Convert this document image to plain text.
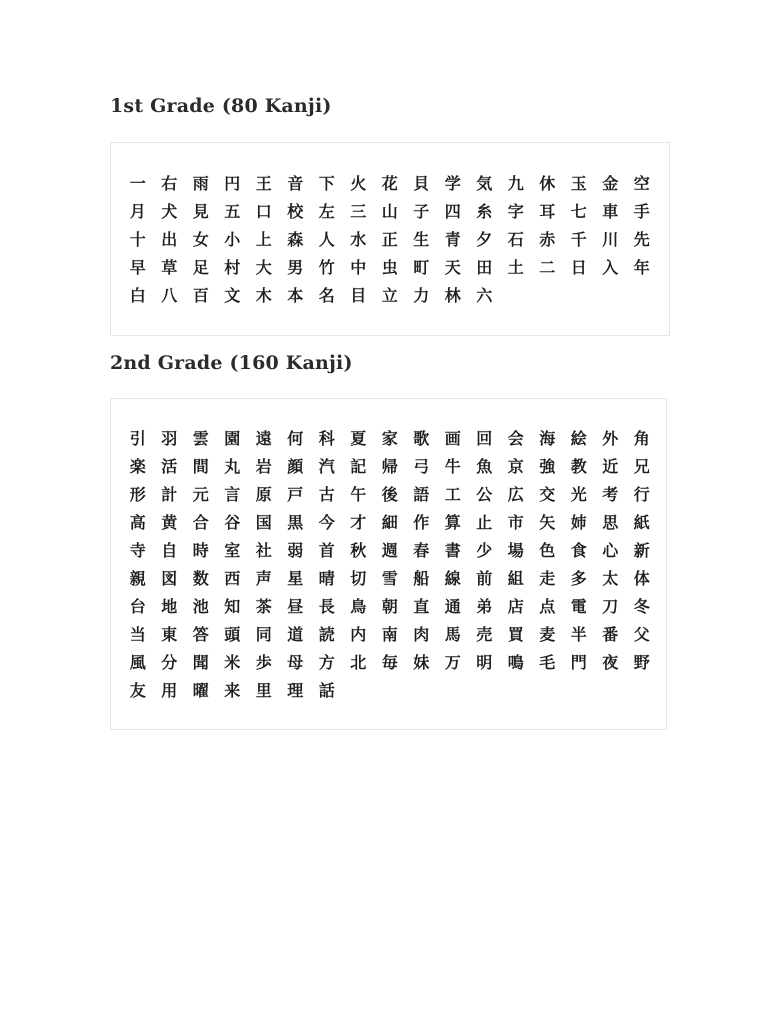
1st Grade (80 Kanji)
一 右 雨 円 王 音 下 火 花 貝 学 気 九 休 玉 金 空
月 犬 見 五 口 校 左 三 山 子 四 糸 字 耳 七 車 手
十 出 女 小 上 森 人 水 正 生 青 夕 石 赤 千 川 先
早 草 足 村 大 男 竹 中 虫 町 天 田 土 二 日 入 年
白 八 百 文 木 本 名 目 立 力 林 六
2nd Grade (160 Kanji)
引 羽 雲 園 遠 何 科 夏 家 歌 画 回 会 海 絵 外 角
楽 活 間 丸 岩 顔 汽 記 帰 弓 牛 魚 京 強 教 近 兄
形 計 元 言 原 戸 古 午 後 語 工 公 広 交 光 考 行
高 黄 合 谷 国 黒 今 才 細 作 算 止 市 矢 姉 思 紙
寺 自 時 室 社 弱 首 秋 週 春 書 少 場 色 食 心 新
親 図 数 西 声 星 晴 切 雪 船 線 前 組 走 多 太 体
台 地 池 知 茶 昼 長 鳥 朝 直 通 弟 店 点 電 刀 冬
当 東 答 頭 同 道 読 内 南 肉 馬 売 買 麦 半 番 父
風 分 聞 米 歩 母 方 北 毎 妹 万 明 鳴 毛 門 夜 野
友 用 曜 来 里 理 話
